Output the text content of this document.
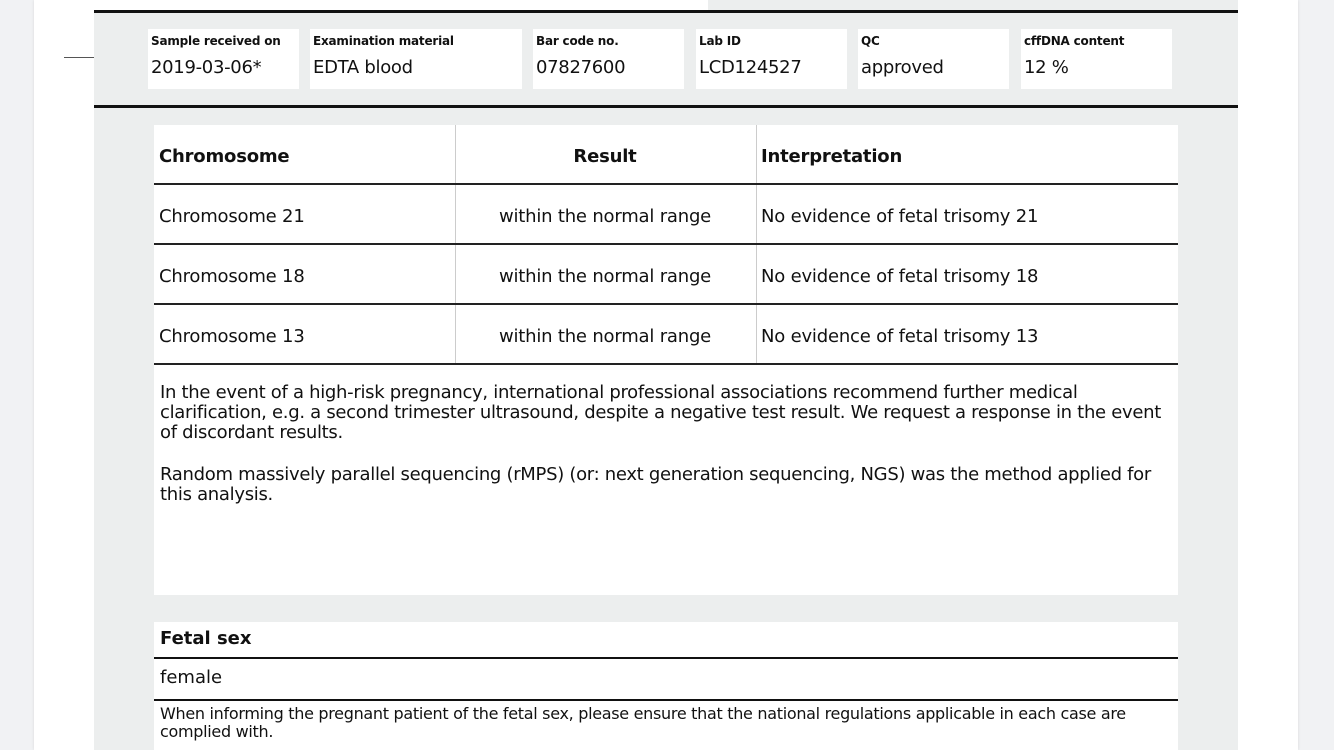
Sample received on
2019-03-06*
Examination material
EDTA blood
Bar code no.
07827600
Lab ID
LCD124527
QC
approved
cffDNA content
12 %
Chromosome	Result	Interpretation
Chromosome 21	within the normal range	No evidence of fetal trisomy 21
Chromosome 18	within the normal range	No evidence of fetal trisomy 18
Chromosome 13	within the normal range	No evidence of fetal trisomy 13
In the event of a high-risk pregnancy, international professional associations recommend further medical clarification, e.g. a second trimester ultrasound, despite a negative test result. We request a response in the event of discordant results.
Random massively parallel sequencing (rMPS) (or: next generation sequencing, NGS) was the method applied for this analysis.
Fetal sex
female
When informing the pregnant patient of the fetal sex, please ensure that the national regulations applicable in each case are complied with.
